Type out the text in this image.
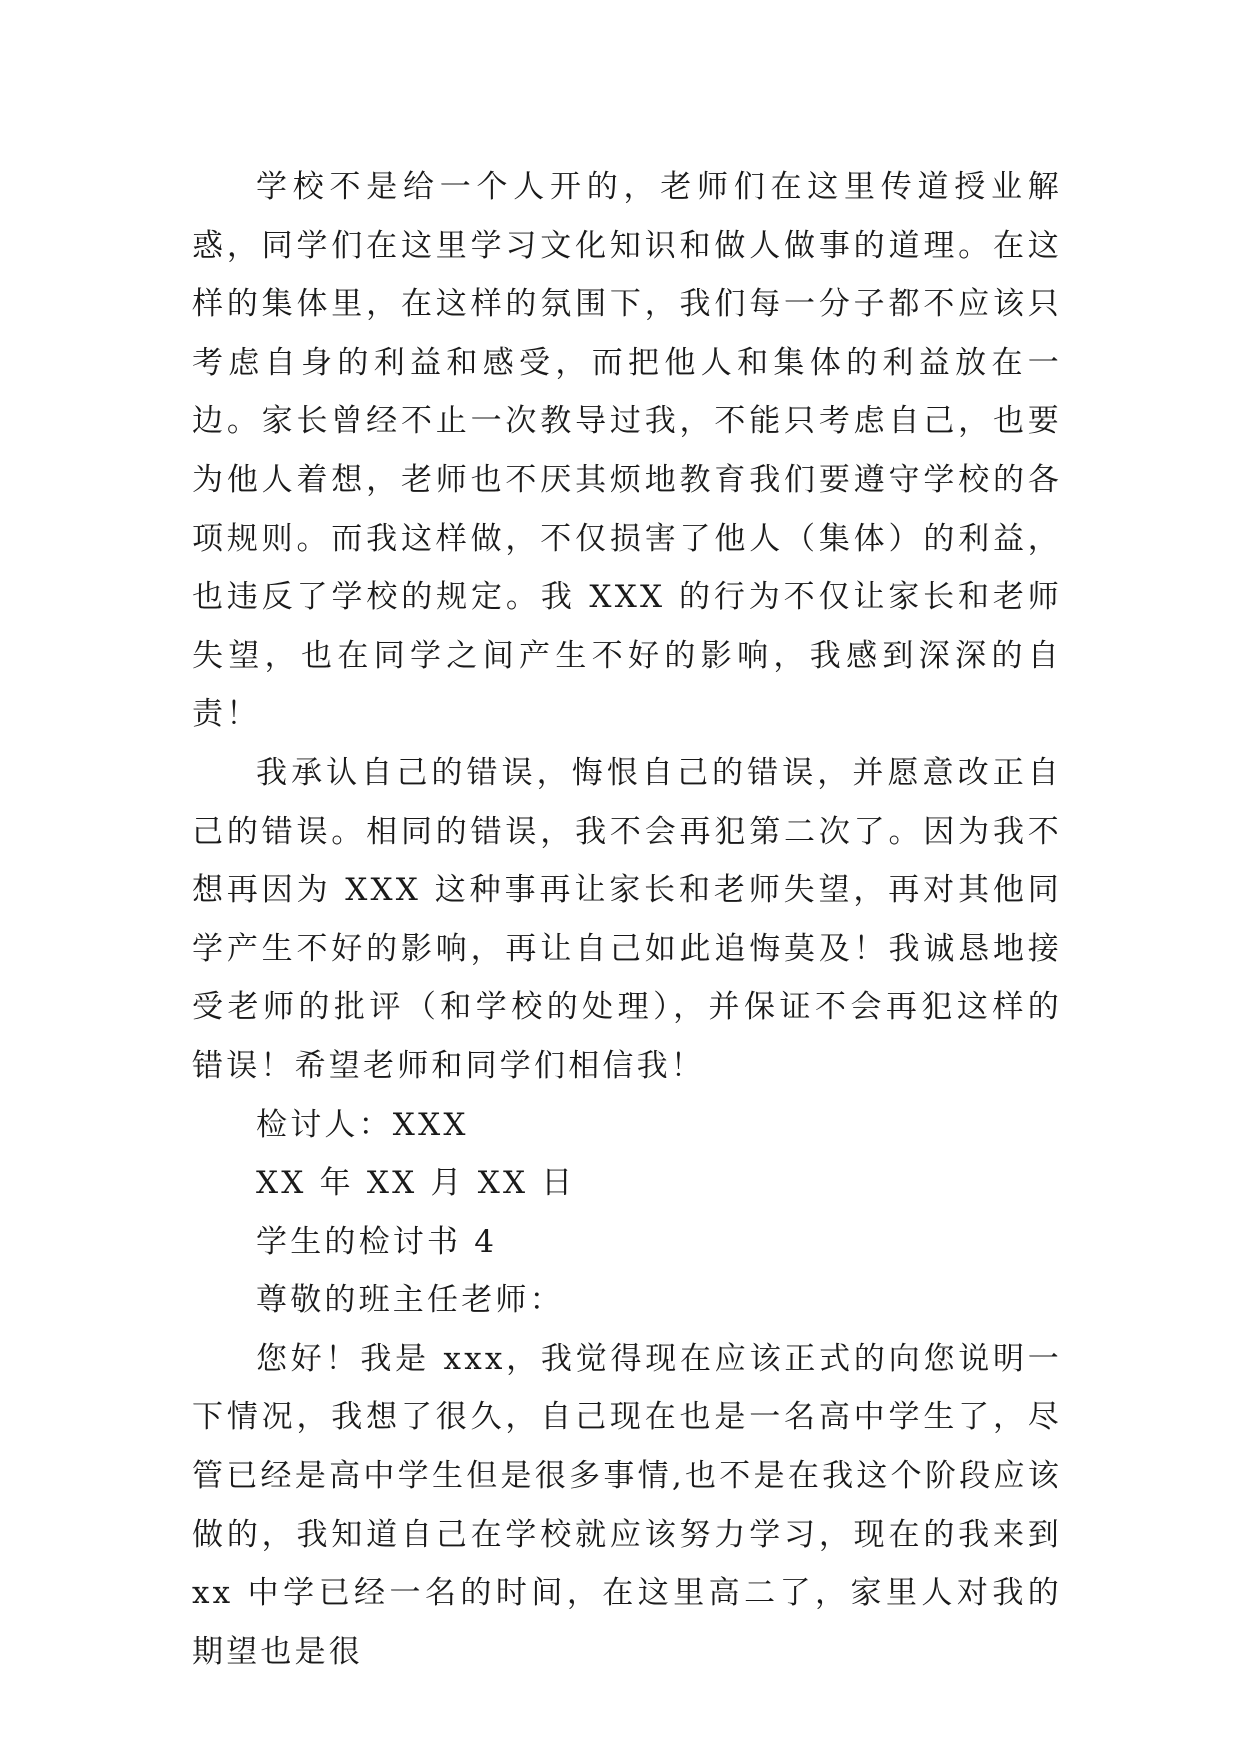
学校不是给一个人开的，老师们在这里传道授业解惑，同学们在这里学习文化知识和做人做事的道理。在这样的集体里，在这样的氛围下，我们每一分子都不应该只考虑自身的利益和感受，而把他人和集体的利益放在一边。家长曾经不止一次教导过我，不能只考虑自己，也要为他人着想，老师也不厌其烦地教育我们要遵守学校的各项规则。而我这样做，不仅损害了他人（集体）的利益，也违反了学校的规定。我 XXX 的行为不仅让家长和老师失望，也在同学之间产生不好的影响，我感到深深的自责！

我承认自己的错误，悔恨自己的错误，并愿意改正自己的错误。相同的错误，我不会再犯第二次了。因为我不想再因为 XXX 这种事再让家长和老师失望，再对其他同学产生不好的影响，再让自己如此追悔莫及！我诚恳地接受老师的批评（和学校的处理），并保证不会再犯这样的错误！希望老师和同学们相信我！

检讨人：XXX

XX 年 XX 月 XX 日

学生的检讨书 4

尊敬的班主任老师：

您好！我是 xxx，我觉得现在应该正式的向您说明一下情况，我想了很久，自己现在也是一名高中学生了，尽管已经是高中学生但是很多事情,也不是在我这个阶段应该做的，我知道自己在学校就应该努力学习，现在的我来到 xx 中学已经一名的时间，在这里高二了，家里人对我的期望也是很
